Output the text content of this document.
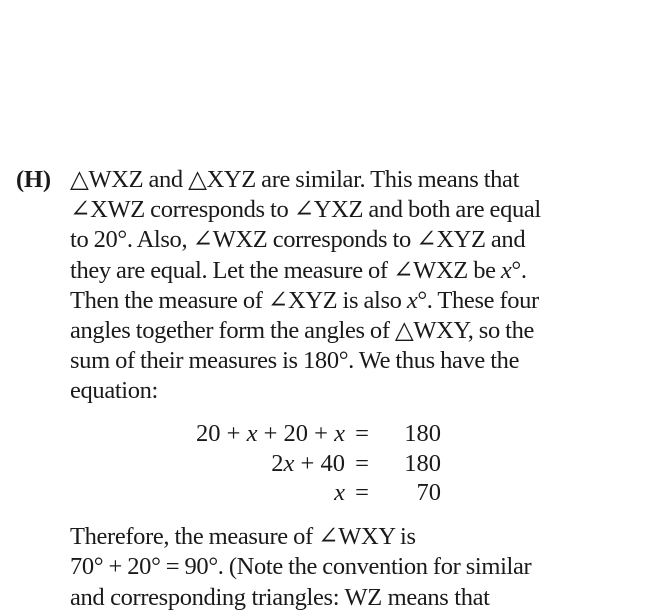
(H) △WXZ and △XYZ are similar. This means that
∠XWZ corresponds to ∠YXZ and both are equal
to 20°. Also, ∠WXZ corresponds to ∠XYZ and
they are equal. Let the measure of ∠WXZ be x°.
Then the measure of ∠XYZ is also x°. These four
angles together form the angles of △WXY, so the
sum of their measures is 180°. We thus have the
equation:
20 + x + 20 + x =	180
2x + 40 =	180
x =	70
Therefore, the measure of ∠WXY is
70° + 20° = 90°. (Note the convention for similar
and corresponding triangles: WZ means that
